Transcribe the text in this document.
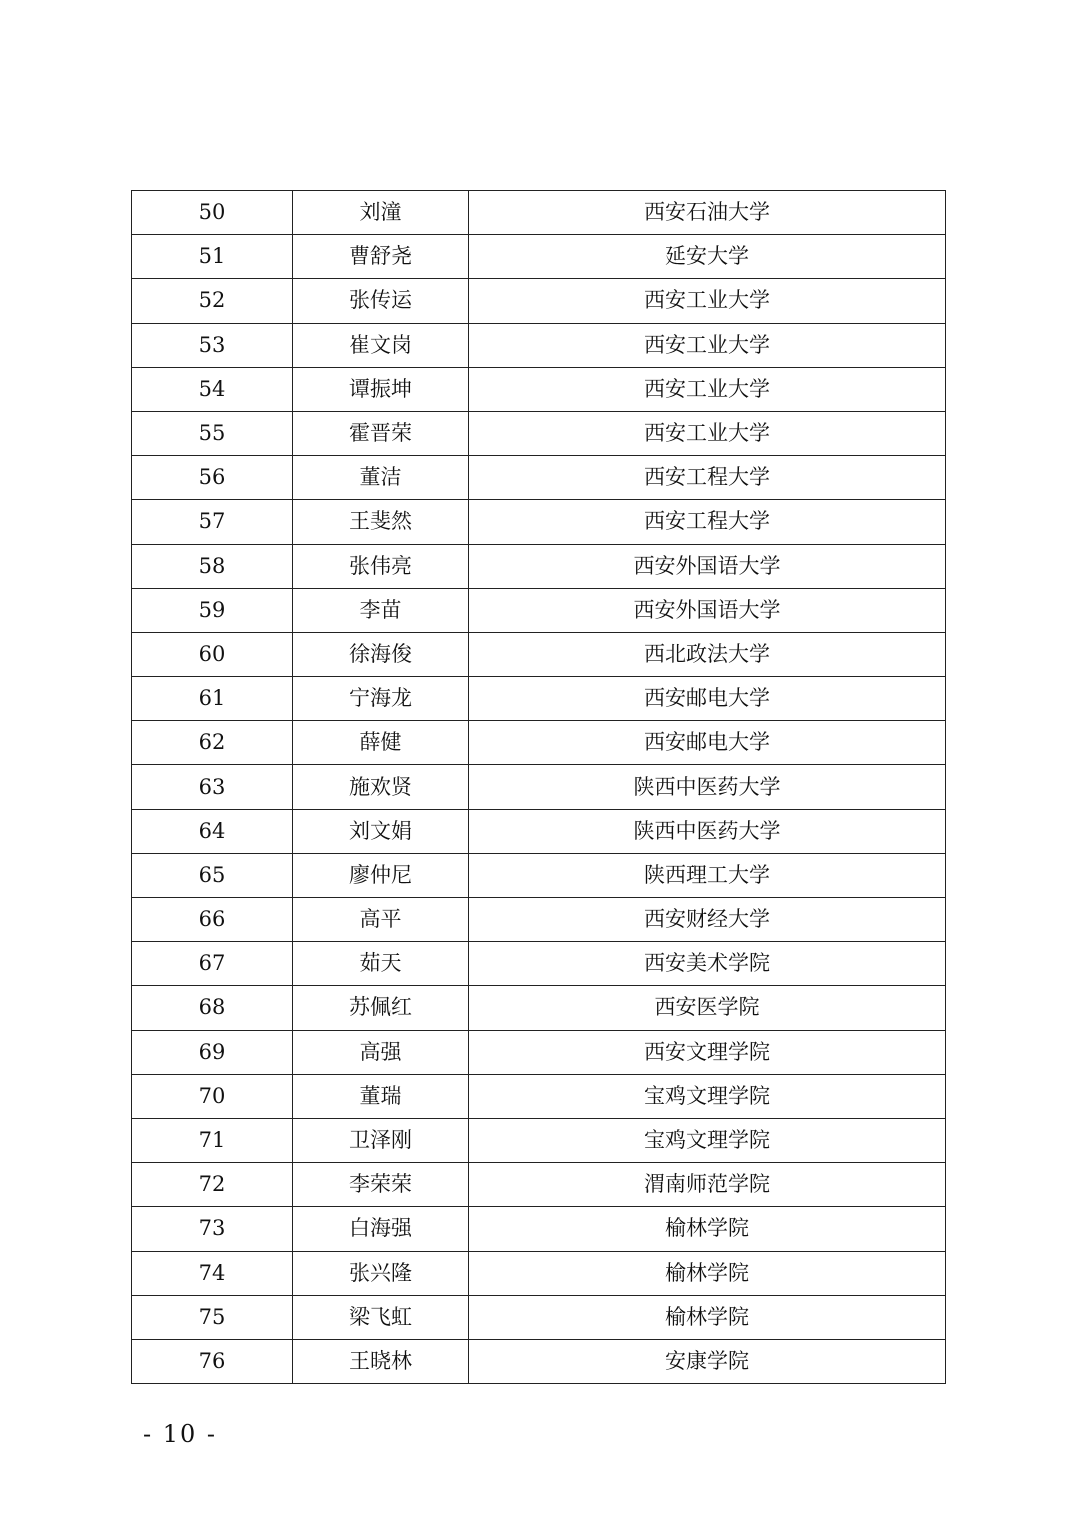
50	刘潼	西安石油大学
51	曹舒尧	延安大学
52	张传运	西安工业大学
53	崔文岗	西安工业大学
54	谭振坤	西安工业大学
55	霍晋荣	西安工业大学
56	董洁	西安工程大学
57	王斐然	西安工程大学
58	张伟亮	西安外国语大学
59	李苗	西安外国语大学
60	徐海俊	西北政法大学
61	宁海龙	西安邮电大学
62	薛健	西安邮电大学
63	施欢贤	陕西中医药大学
64	刘文娟	陕西中医药大学
65	廖仲尼	陕西理工大学
66	高平	西安财经大学
67	茹天	西安美术学院
68	苏佩红	西安医学院
69	高强	西安文理学院
70	董瑞	宝鸡文理学院
71	卫泽刚	宝鸡文理学院
72	李荣荣	渭南师范学院
73	白海强	榆林学院
74	张兴隆	榆林学院
75	梁飞虹	榆林学院
76	王晓林	安康学院
- 10 -
